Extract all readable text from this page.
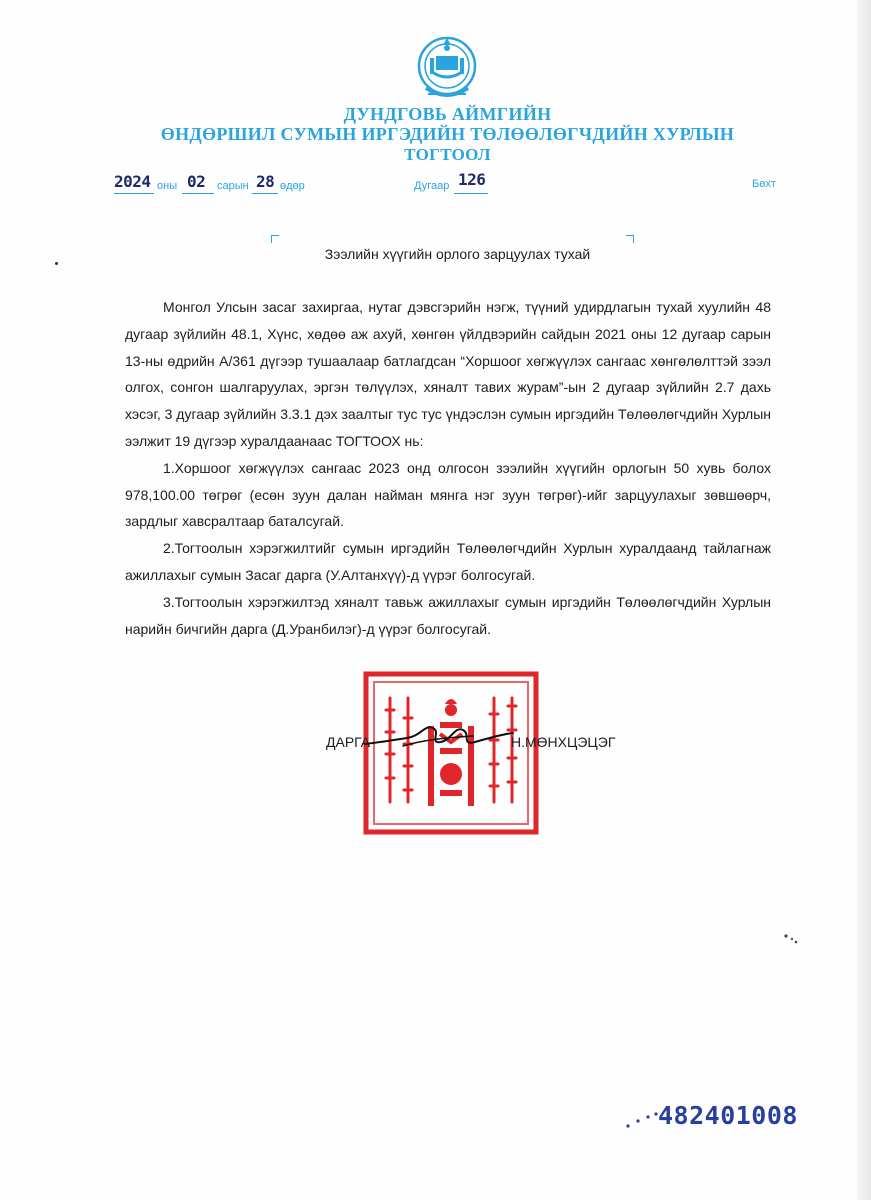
ДУНДГОВЬ АЙМГИЙН
ӨНДӨРШИЛ СУМЫН ИРГЭДИЙН ТӨЛӨӨЛӨГЧДИЙН ХУРЛЫН
ТОГТООЛ
2024 оны 02 сарын 28 өдөр	Дугаар 126	Бөхт
Зээлийн хүүгийн орлого зарцуулах тухай

Монгол Улсын засаг захиргаа, нутаг дэвсгэрийн нэгж, түүний удирдлагын тухай хуулийн 48 дугаар зүйлийн 48.1, Хүнс, хөдөө аж ахуй, хөнгөн үйлдвэрийн сайдын 2021 оны 12 дугаар сарын 13-ны өдрийн А/361 дүгээр тушаалаар батлагдсан “Хоршоог хөгжүүлэх сангаас хөнгөлөлттэй зээл олгох, сонгон шалгаруулах, эргэн төлүүлэх, хяналт тавих журам”-ын 2 дугаар зүйлийн 2.7 дахь хэсэг, 3 дугаар зүйлийн 3.3.1 дэх заалтыг тус тус үндэслэн сумын иргэдийн Төлөөлөгчдийн Хурлын ээлжит 19 дүгээр хуралдаанаас ТОГТООХ нь:

1.Хоршоог хөгжүүлэх сангаас 2023 онд олгосон зээлийн хүүгийн орлогын 50 хувь болох 978,100.00 төгрөг (есөн зуун далан найман мянга нэг зуун төгрөг)-ийг зарцуулахыг зөвшөөрч, зардлыг хавсралтаар баталсугай.

2.Тогтоолын хэрэгжилтийг сумын иргэдийн Төлөөлөгчдийн Хурлын хуралдаанд тайлагнаж ажиллахыг сумын Засаг дарга (У.Алтанхүү)-д үүрэг болгосугай.

3.Тогтоолын хэрэгжилтэд хяналт тавьж ажиллахыг сумын иргэдийн Төлөөлөгчдийн Хурлын нарийн бичгийн дарга (Д.Уранбилэг)-д үүрэг болгосугай.

ДАРГА	Н.МӨНХЦЭЦЭГ
482401008
